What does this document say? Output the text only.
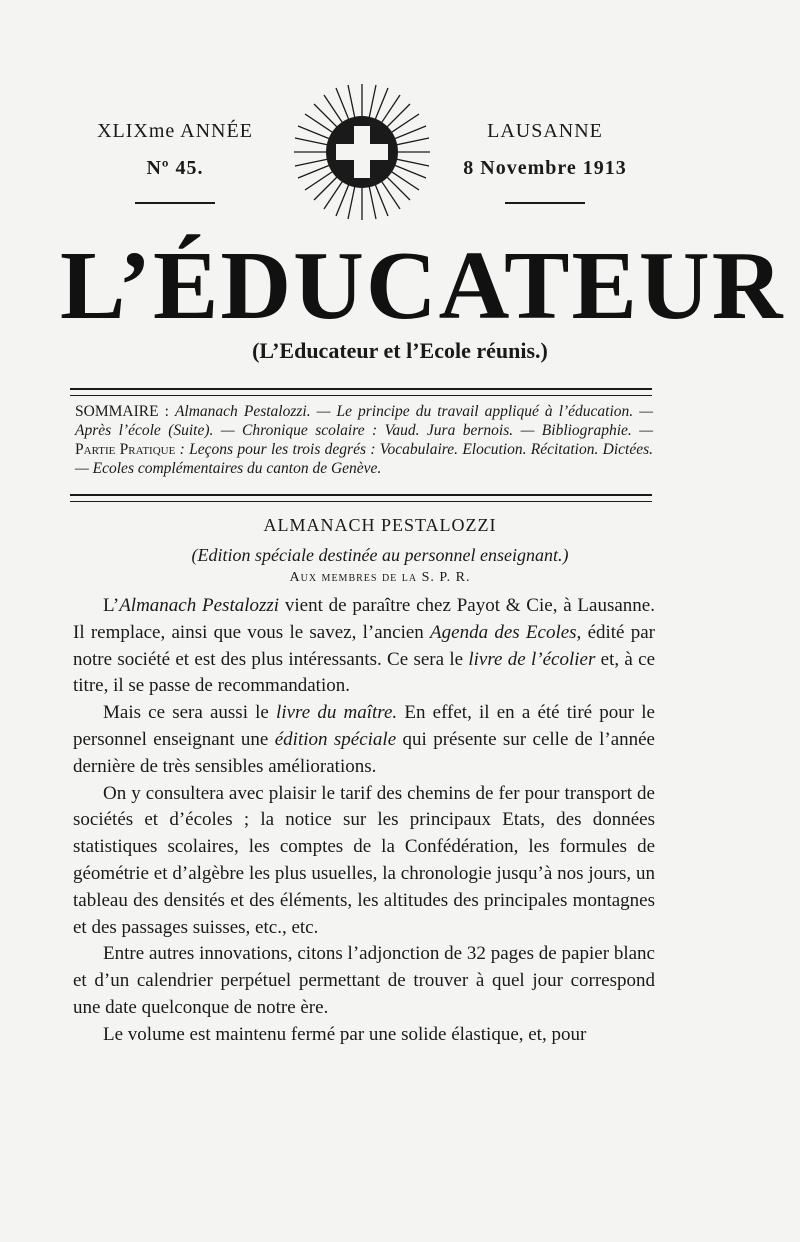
XLIXme ANNÉE
Nº 45.
LAUSANNE
8 Novembre 1913
L’ÉDUCATEUR
(L’Educateur et l’Ecole réunis.)
SOMMAIRE : Almanach Pestalozzi. — Le principe du travail appliqué à l’éducation. — Après l’école (Suite). — Chronique scolaire : Vaud. Jura bernois. — Bibliographie. — Partie Pratique : Leçons pour les trois degrés : Vocabulaire. Elocution. Récitation. Dictées. — Ecoles complémentaires du canton de Genève.
ALMANACH PESTALOZZI
(Edition spéciale destinée au personnel enseignant.)
Aux membres de la S. P. R.

L’Almanach Pestalozzi vient de paraître chez Payot & Cie, à Lausanne. Il remplace, ainsi que vous le savez, l’ancien Agenda des Ecoles, édité par notre société et est des plus intéressants. Ce sera le livre de l’écolier et, à ce titre, il se passe de recommandation.

Mais ce sera aussi le livre du maître. En effet, il en a été tiré pour le personnel enseignant une édition spéciale qui présente sur celle de l’année dernière de très sensibles améliorations.

On y consultera avec plaisir le tarif des chemins de fer pour transport de sociétés et d’écoles ; la notice sur les principaux Etats, des données statistiques scolaires, les comptes de la Confédération, les formules de géométrie et d’algèbre les plus usuelles, la chronologie jusqu’à nos jours, un tableau des densités et des éléments, les altitudes des principales montagnes et des passages suisses, etc., etc.

Entre autres innovations, citons l’adjonction de 32 pages de papier blanc et d’un calendrier perpétuel permettant de trouver à quel jour correspond une date quelconque de notre ère.

Le volume est maintenu fermé par une solide élastique, et, pour
